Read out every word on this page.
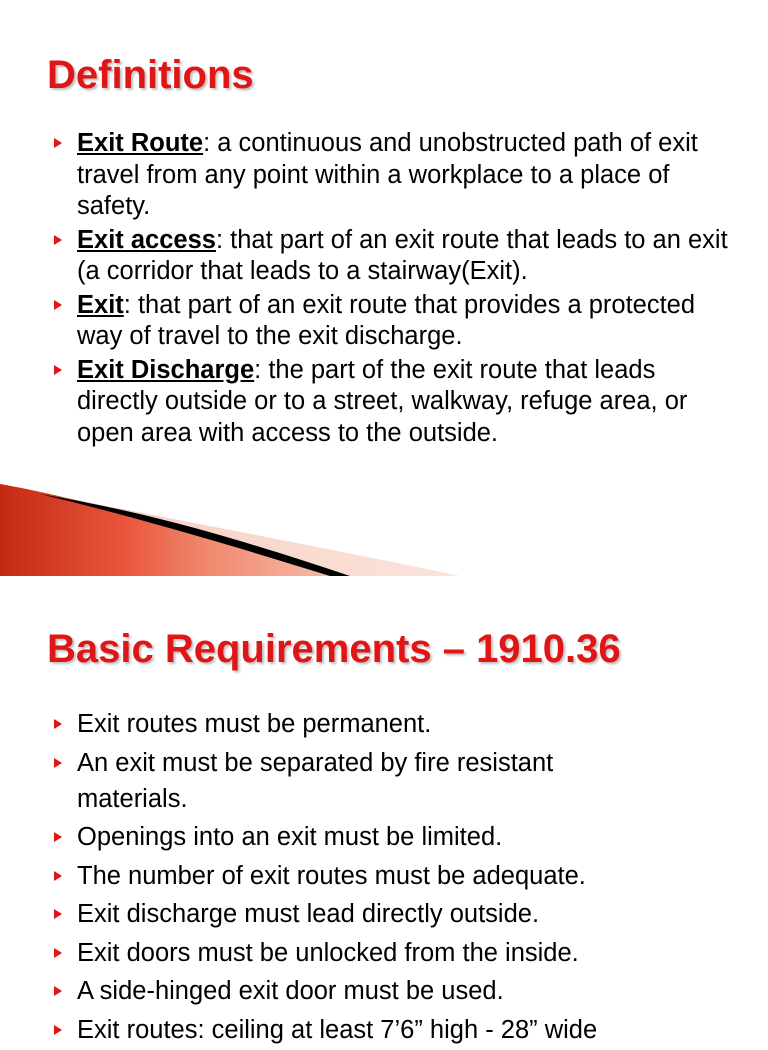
Definitions
Exit Route: a continuous and unobstructed path of exit travel from any point within a workplace to a place of safety.
Exit access: that part of an exit route that leads to an exit (a corridor that leads to a stairway(Exit).
Exit: that part of an exit route that provides a protected way of travel to the exit discharge.
Exit Discharge: the part of the exit route that leads directly outside or to a street, walkway, refuge area, or open area with access to the outside.
Basic Requirements – 1910.36
Exit routes must be permanent.
An exit must be separated by fire resistant materials.
Openings into an exit must be limited.
The number of exit routes must be adequate.
Exit discharge must lead directly outside.
Exit doors must be unlocked from the inside.
A side-hinged exit door must be used.
Exit routes: ceiling at least 7’6” high - 28” wide
